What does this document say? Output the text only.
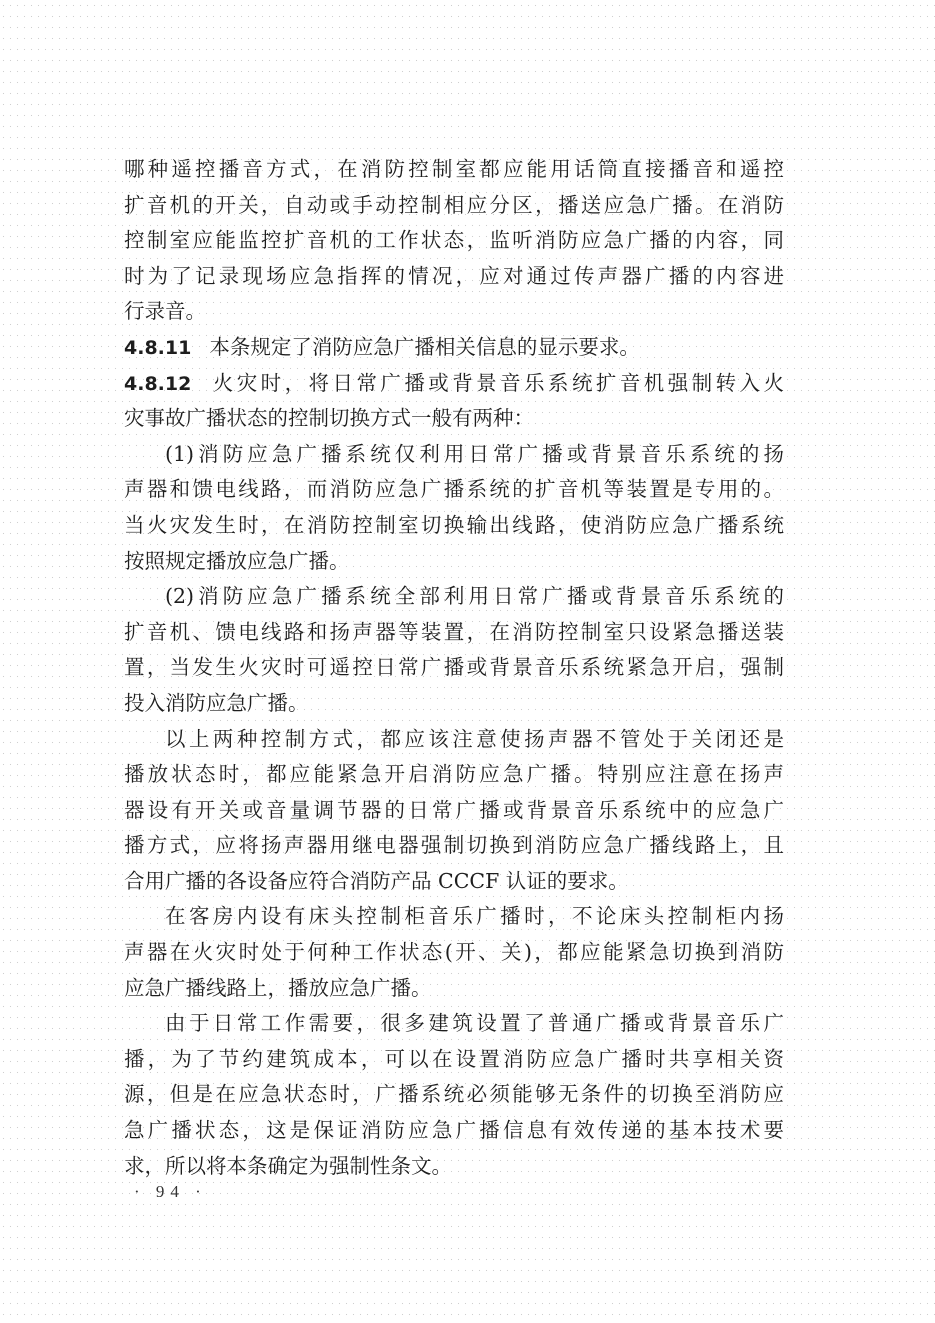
哪种遥控播音方式，在消防控制室都应能用话筒直接播音和遥控
扩音机的开关，自动或手动控制相应分区，播送应急广播。在消防
控制室应能监控扩音机的工作状态，监听消防应急广播的内容，同
时为了记录现场应急指挥的情况，应对通过传声器广播的内容进
行录音。
4.8.11 本条规定了消防应急广播相关信息的显示要求。
4.8.12 火灾时，将日常广播或背景音乐系统扩音机强制转入火
灾事故广播状态的控制切换方式一般有两种：
(1)消防应急广播系统仅利用日常广播或背景音乐系统的扬
声器和馈电线路，而消防应急广播系统的扩音机等装置是专用的。
当火灾发生时，在消防控制室切换输出线路，使消防应急广播系统
按照规定播放应急广播。
(2)消防应急广播系统全部利用日常广播或背景音乐系统的
扩音机、馈电线路和扬声器等装置，在消防控制室只设紧急播送装
置，当发生火灾时可遥控日常广播或背景音乐系统紧急开启，强制
投入消防应急广播。
以上两种控制方式，都应该注意使扬声器不管处于关闭还是
播放状态时，都应能紧急开启消防应急广播。特别应注意在扬声
器设有开关或音量调节器的日常广播或背景音乐系统中的应急广
播方式，应将扬声器用继电器强制切换到消防应急广播线路上，且
合用广播的各设备应符合消防产品 CCCF 认证的要求。
在客房内设有床头控制柜音乐广播时，不论床头控制柜内扬
声器在火灾时处于何种工作状态(开、关)，都应能紧急切换到消防
应急广播线路上，播放应急广播。
由于日常工作需要，很多建筑设置了普通广播或背景音乐广
播，为了节约建筑成本，可以在设置消防应急广播时共享相关资
源，但是在应急状态时，广播系统必须能够无条件的切换至消防应
急广播状态，这是保证消防应急广播信息有效传递的基本技术要
求，所以将本条确定为强制性条文。
· 94 ·
